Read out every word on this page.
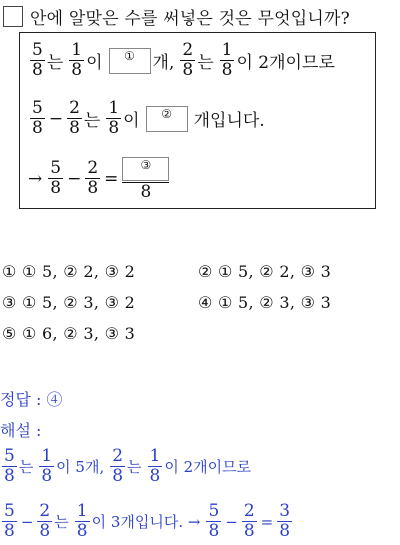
안에 알맞은 수를 써넣은 것은 무엇입니까?
$\frac{5}{8}$ 는 $\frac{1}{8}$ 이	①	개, $\frac{2}{8}$ 는 $\frac{1}{8}$ 이 2개이므로
$\frac{5}{8} - \frac{2}{8}$ 는 $\frac{1}{8}$ 이	②	개입니다.
→ $\frac{5}{8} - \frac{2}{8} = \frac{\text{③}}{8}$
① ① 5, ② 2, ③ 2	② ① 5, ② 2, ③ 3
③ ① 5, ② 3, ③ 2	④ ① 5, ② 3, ③ 3
⑤ ① 6, ② 3, ③ 3
정답 : ④
해설 :
$\frac{5}{8}$ 는 $\frac{1}{8}$ 이 5개, $\frac{2}{8}$ 는 $\frac{1}{8}$ 이 2개이므로
$\frac{5}{8} - \frac{2}{8}$ 는 $\frac{1}{8}$ 이 3개입니다. → $\frac{5}{8} - \frac{2}{8} = \frac{3}{8}$
